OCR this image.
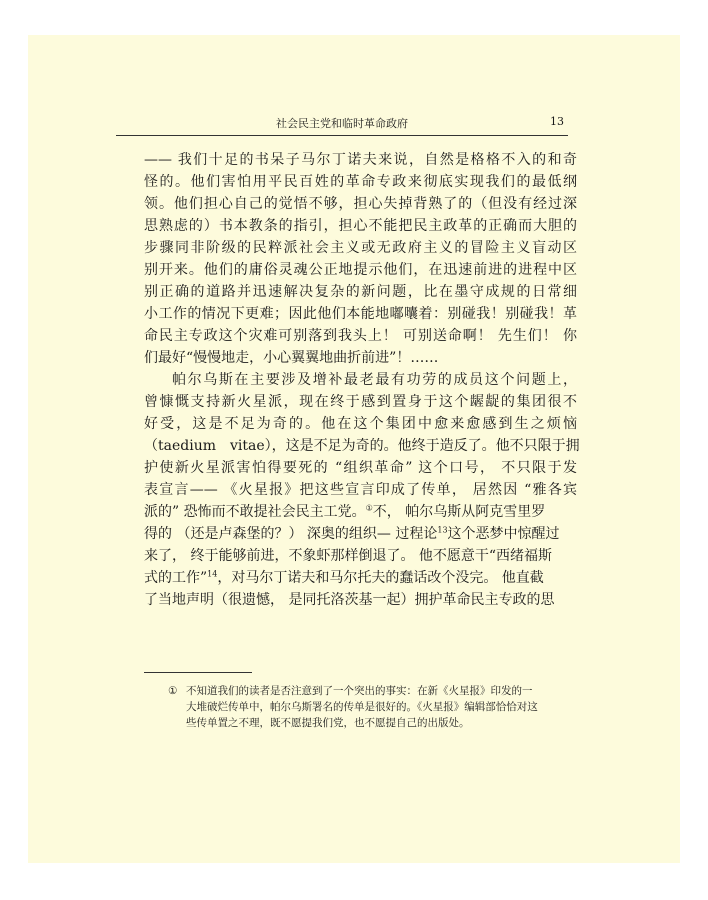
社会民主党和临时革命政府	13
—— 我们十足的书呆子马尔丁诺夫来说，自然是格格不入的和奇
怪的。他们害怕用平民百姓的革命专政来彻底实现我们的最低纲
领。他们担心自己的觉悟不够，担心失掉背熟了的（但没有经过深
思熟虑的）书本教条的指引，担心不能把民主政革的正确而大胆的
步骤同非阶级的民粹派社会主义或无政府主义的冒险主义盲动区
别开来。他们的庸俗灵魂公正地提示他们，在迅速前进的进程中区
别正确的道路并迅速解决复杂的新问题，比在墨守成规的日常细
小工作的情况下更难；因此他们本能地嘟囔着：别碰我！别碰我！革
命民主专政这个灾难可别落到我头上！ 可别送命啊！ 先生们！ 你
们最好“慢慢地走，小心翼翼地曲折前进”！……
帕尔乌斯在主要涉及增补最老最有功劳的成员这个问题上，
曾慷慨支持新火星派，现在终于感到置身于这个龌龊的集团很不
好受，这是不足为奇的。他在这个集团中愈来愈感到生之烦恼
（taedium　vitae），这是不足为奇的。他终于造反了。他不只限于拥
护使新火星派害怕得要死的 “组织革命” 这个口号， 不只限于发
表宣言—— 《火星报》把这些宣言印成了传单， 居然因 “雅各宾
派的” 恐怖而不敢提社会民主工党。①不， 帕尔乌斯从阿克雪里罗
得的 （还是卢森堡的？） 深奥的组织— 过程论$^{13}$这个恶梦中惊醒过
来了， 终于能够前进，不象虾那样倒退了。 他不愿意干“西绪福斯
式的工作”$^{14}$，对马尔丁诺夫和马尔托夫的蠢话改个没完。 他直截
了当地声明（很遗憾， 是同托洛茨基一起）拥护革命民主专政的思
① 不知道我们的读者是否注意到了一个突出的事实：在新《火星报》印发的一
大堆破烂传单中，帕尔乌斯署名的传单是很好的。《火星报》编辑部恰恰对这
些传单置之不理，既不愿提我们党，也不愿提自己的出版处。
